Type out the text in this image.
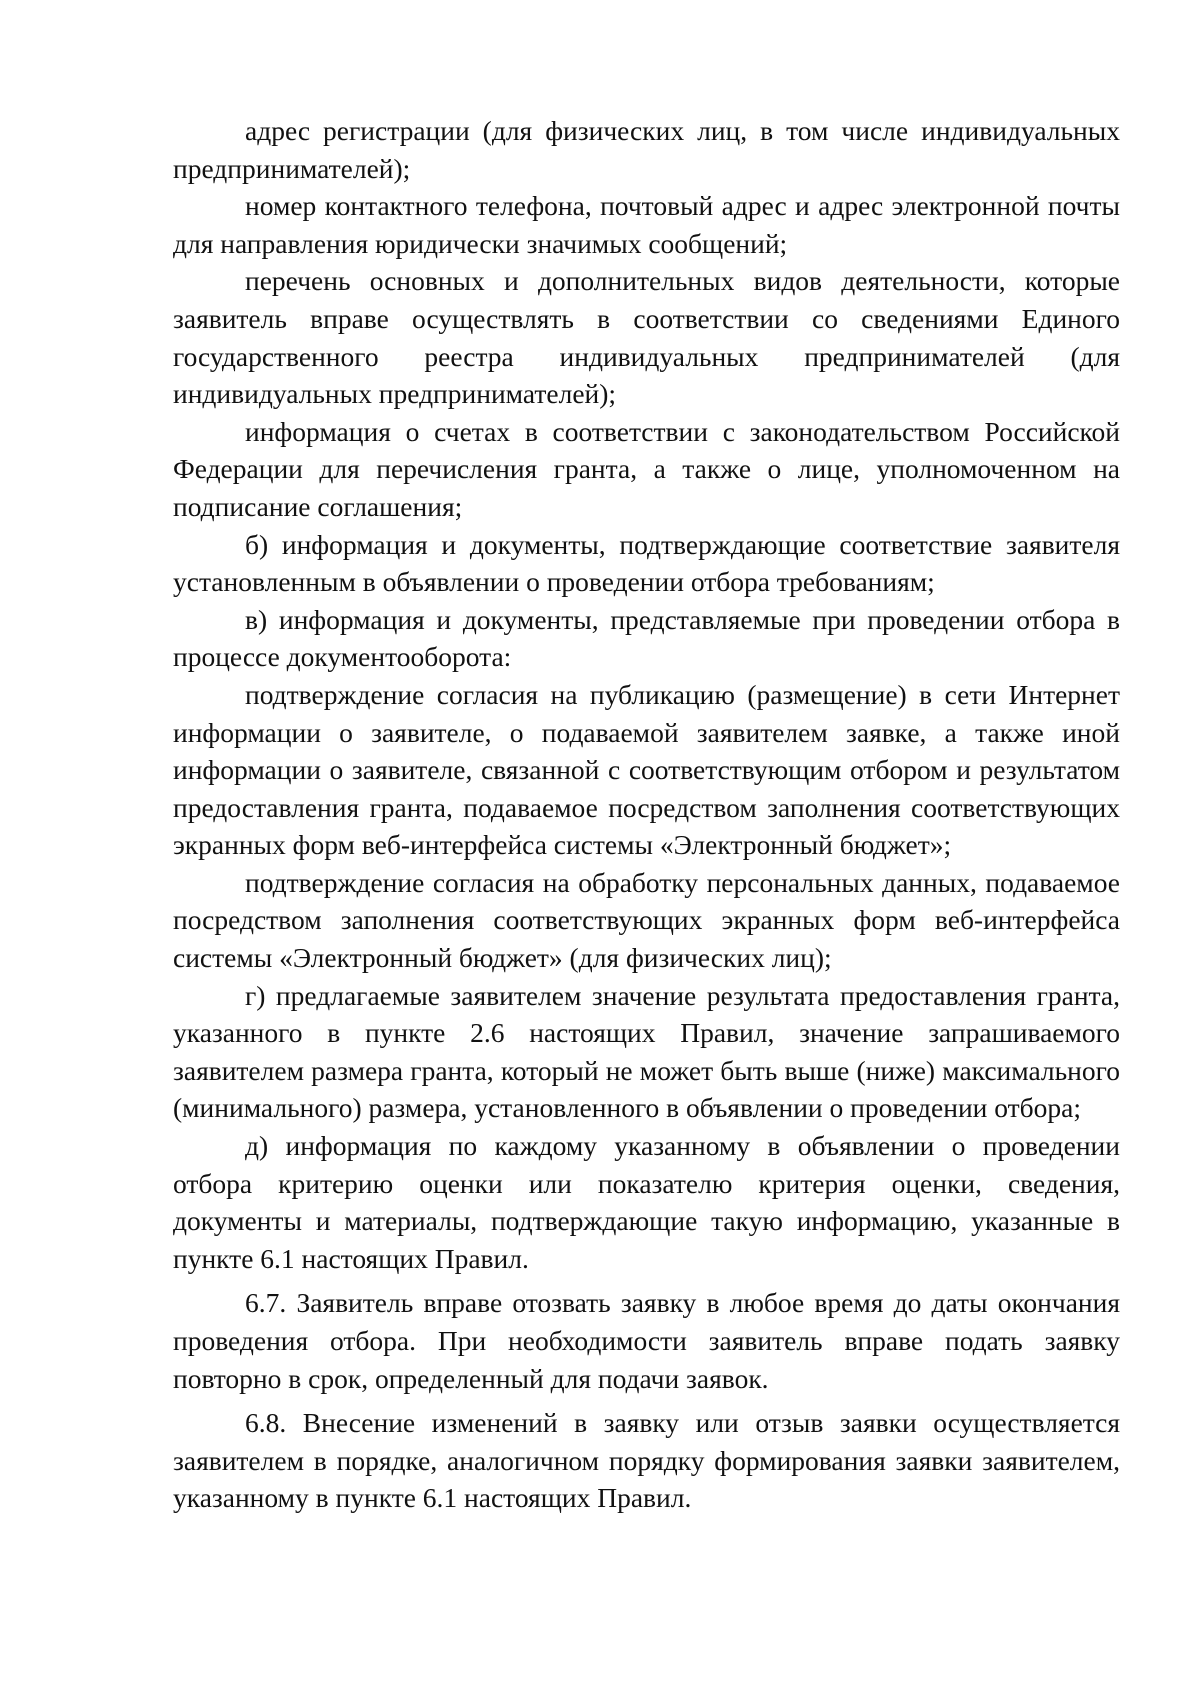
адрес регистрации (для физических лиц, в том числе индивидуальных предпринимателей);

номер контактного телефона, почтовый адрес и адрес электронной почты для направления юридически значимых сообщений;

перечень основных и дополнительных видов деятельности, которые заявитель вправе осуществлять в соответствии со сведениями Единого государственного реестра индивидуальных предпринимателей (для индивидуальных предпринимателей);

информация о счетах в соответствии с законодательством Российской Федерации для перечисления гранта, а также о лице, уполномоченном на подписание соглашения;

б) информация и документы, подтверждающие соответствие заявителя установленным в объявлении о проведении отбора требованиям;

в) информация и документы, представляемые при проведении отбора в процессе документооборота:

подтверждение согласия на публикацию (размещение) в сети Интернет информации о заявителе, о подаваемой заявителем заявке, а также иной информации о заявителе, связанной с соответствующим отбором и результатом предоставления гранта, подаваемое посредством заполнения соответствующих экранных форм веб-интерфейса системы «Электронный бюджет»;

подтверждение согласия на обработку персональных данных, подаваемое посредством заполнения соответствующих экранных форм веб-интерфейса системы «Электронный бюджет» (для физических лиц);

г) предлагаемые заявителем значение результата предоставления гранта, указанного в пункте 2.6 настоящих Правил, значение запрашиваемого заявителем размера гранта, который не может быть выше (ниже) максимального (минимального) размера, установленного в объявлении о проведении отбора;

д) информация по каждому указанному в объявлении о проведении отбора критерию оценки или показателю критерия оценки, сведения, документы и материалы, подтверждающие такую информацию, указанные в пункте 6.1 настоящих Правил.

6.7. Заявитель вправе отозвать заявку в любое время до даты окончания проведения отбора. При необходимости заявитель вправе подать заявку повторно в срок, определенный для подачи заявок.

6.8. Внесение изменений в заявку или отзыв заявки осуществляется заявителем в порядке, аналогичном порядку формирования заявки заявителем, указанному в пункте 6.1 настоящих Правил.
